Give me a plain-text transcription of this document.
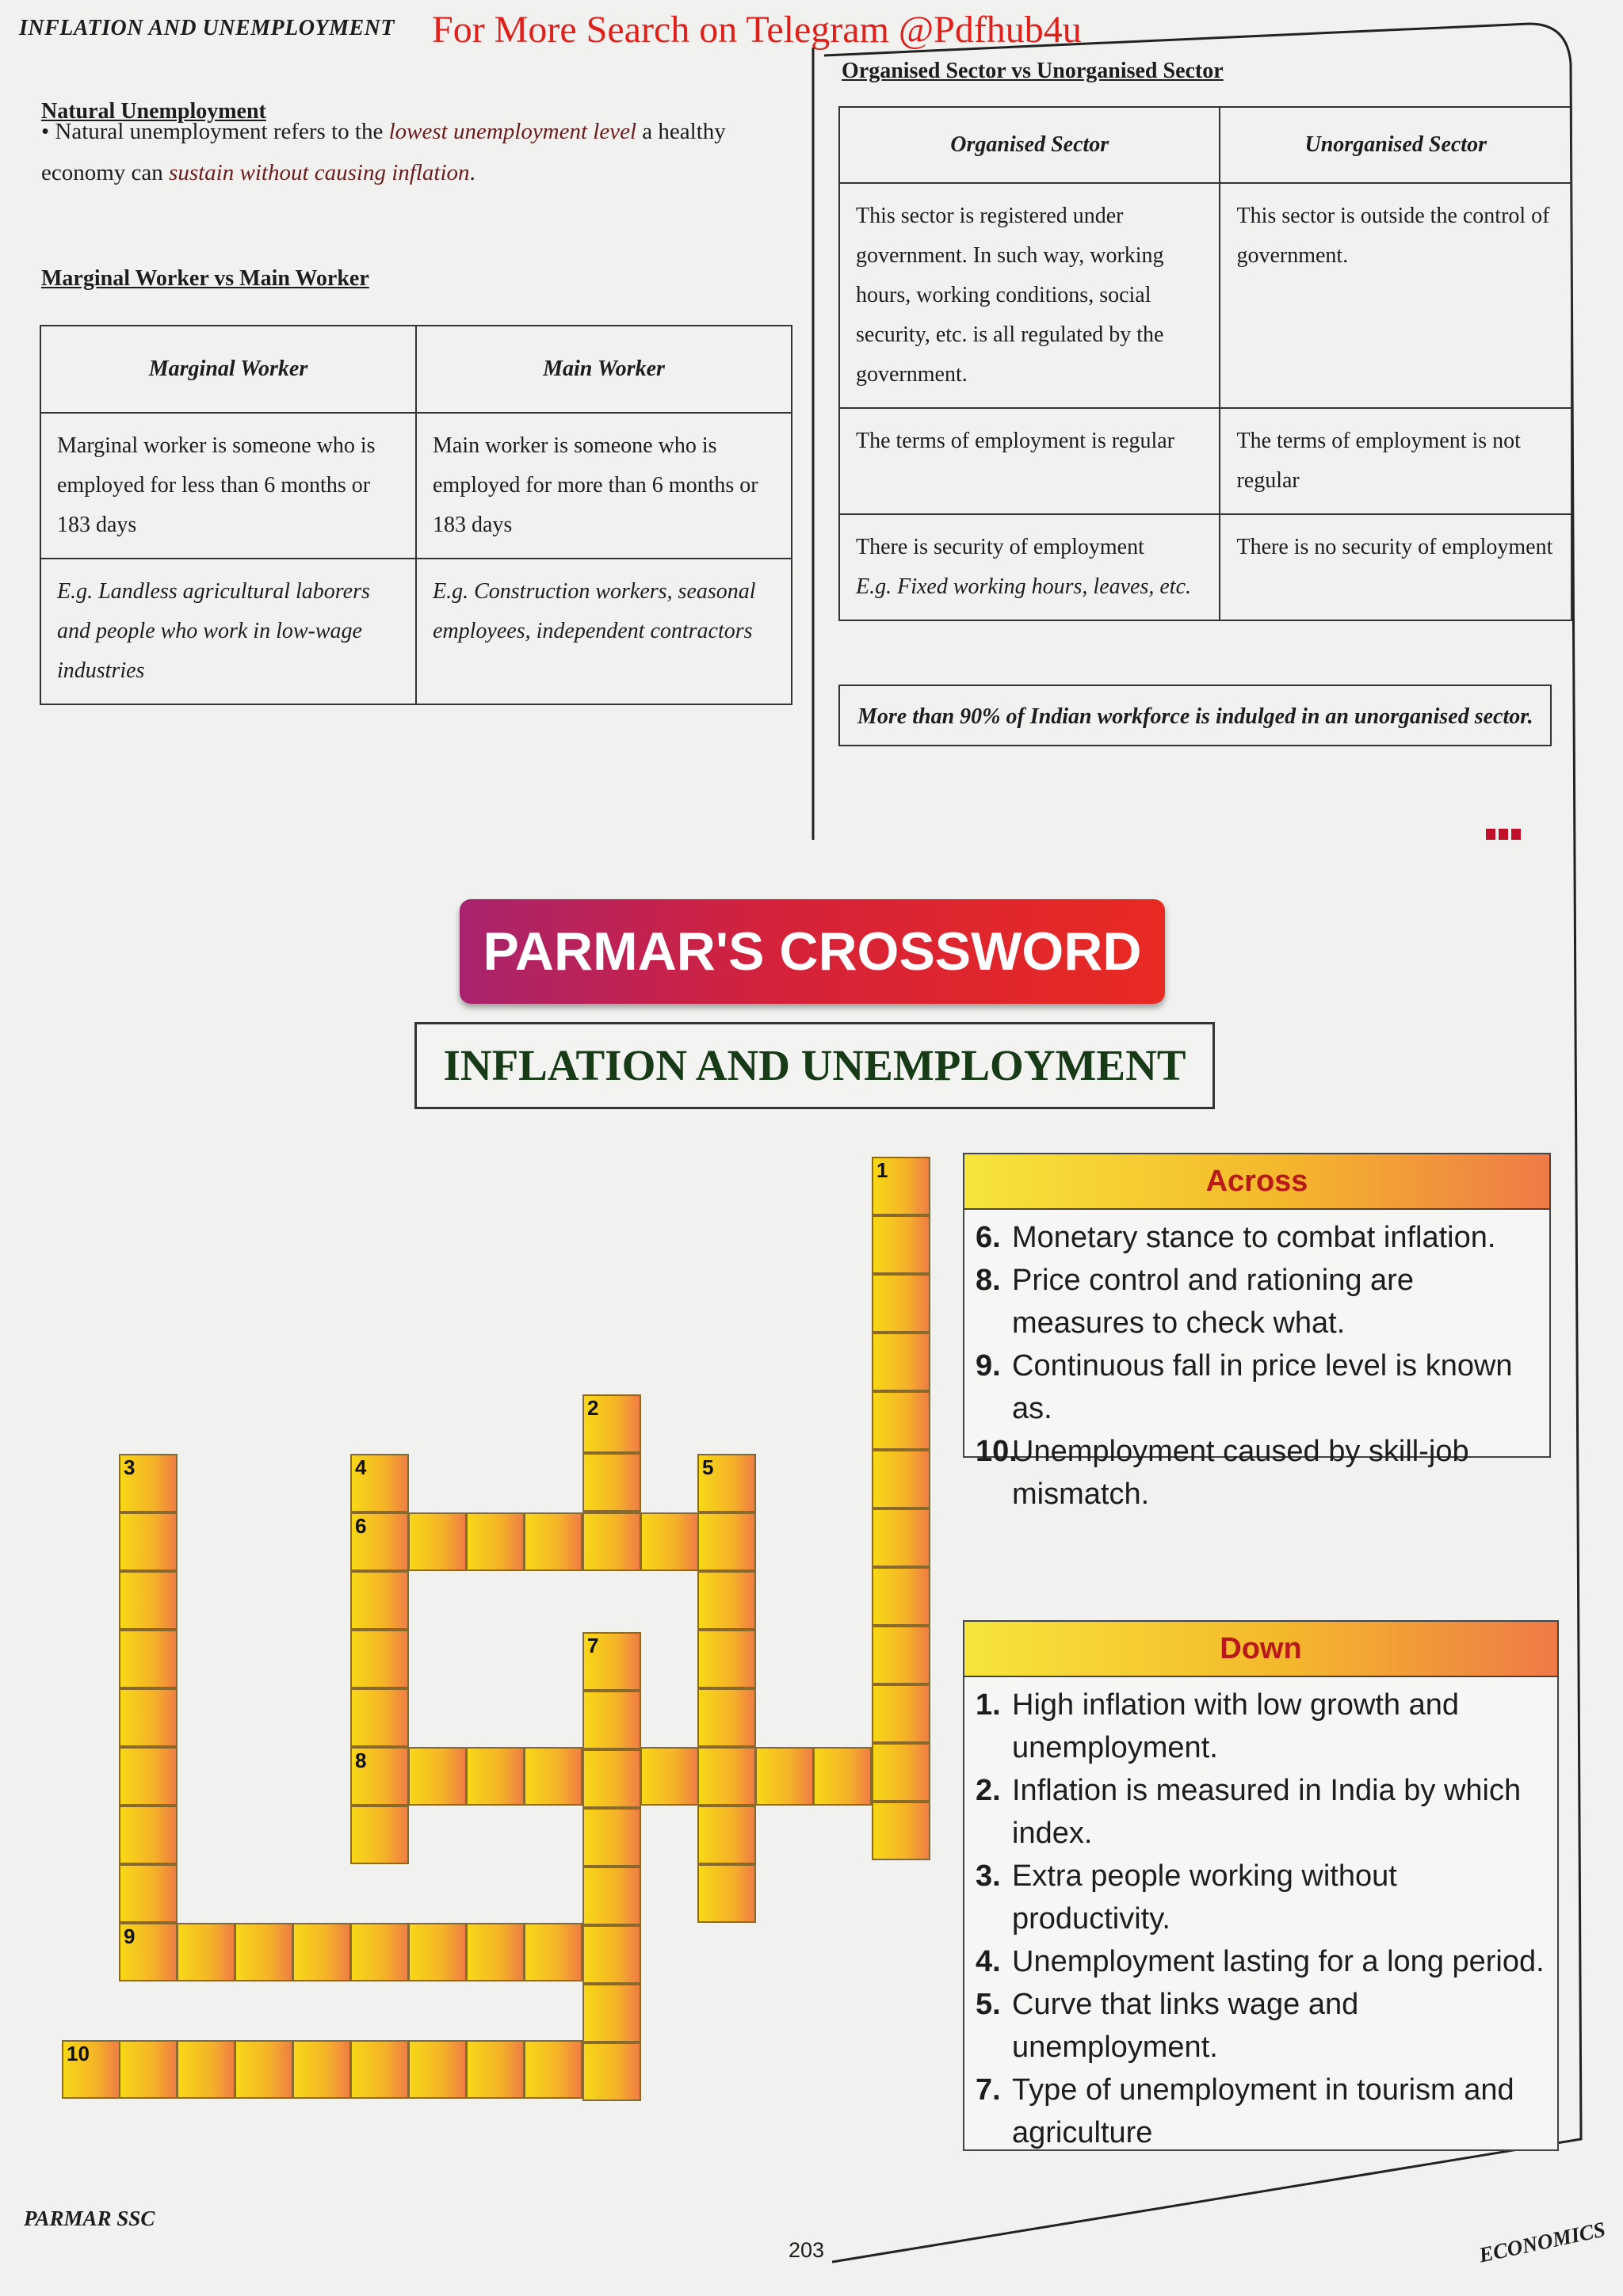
INFLATION AND UNEMPLOYMENT For More Search on Telegram @Pdfhub4u
Natural Unemployment
• Natural unemployment refers to the lowest unemployment level a healthy economy can sustain without causing inflation.
Marginal Worker vs Main Worker
Marginal Worker	Main Worker
Marginal worker is someone who is employed for less than 6 months or 183 days	Main worker is someone who is employed for more than 6 months or 183 days
E.g. Landless agricultural laborers and people who work in low-wage industries	E.g. Construction workers, seasonal employees, independent contractors
Organised Sector vs Unorganised Sector
Organised Sector	Unorganised Sector
This sector is registered under government. In such way, working hours, working conditions, social security, etc. is all regulated by the government.	This sector is outside the control of government.
The terms of employment is regular	The terms of employment is not regular
There is security of employment
E.g. Fixed working hours, leaves, etc.	There is no security of employment
More than 90% of Indian workforce is indulged in an unorganised sector.
PARMAR'S CROSSWORD
INFLATION AND UNEMPLOYMENT
1
2
3	4	5
6
7
8
9
10
Across
6. Monetary stance to combat inflation.
8. Price control and rationing are measures to check what.
9. Continuous fall in price level is known as.
10.Unemployment caused by skill-job mismatch.
Down
1. High inflation with low growth and unemployment.
2. Inflation is measured in India by which index.
3. Extra people working without productivity.
4. Unemployment lasting for a long period.
5. Curve that links wage and unemployment.
7. Type of unemployment in tourism and agriculture
PARMAR SSC
203	ECONOMICS
